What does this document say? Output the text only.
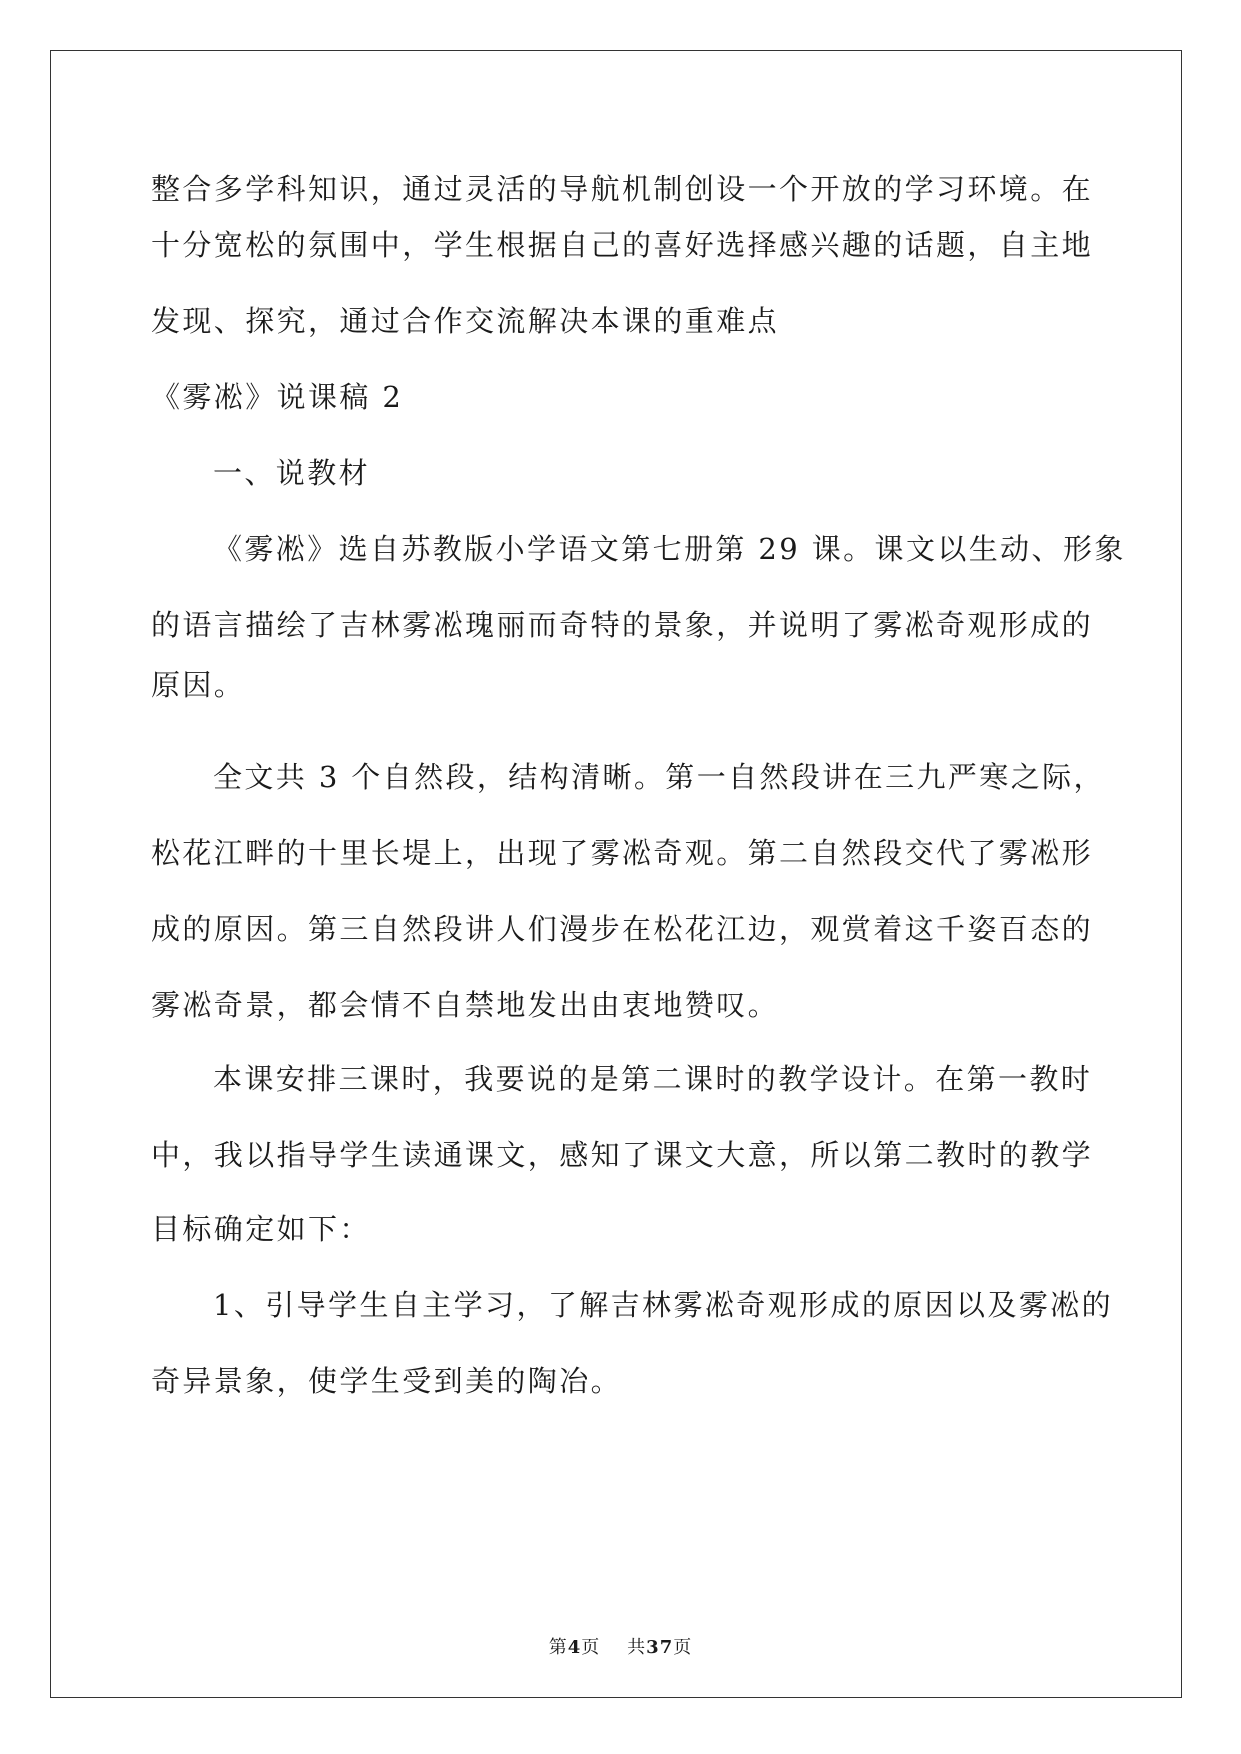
整合多学科知识，通过灵活的导航机制创设一个开放的学习环境。在
十分宽松的氛围中，学生根据自己的喜好选择感兴趣的话题，自主地
发现、探究，通过合作交流解决本课的重难点
《雾凇》说课稿 2
一、说教材
《雾凇》选自苏教版小学语文第七册第 29 课。课文以生动、形象
的语言描绘了吉林雾凇瑰丽而奇特的景象，并说明了雾凇奇观形成的
原因。
全文共 3 个自然段，结构清晰。第一自然段讲在三九严寒之际，
松花江畔的十里长堤上，出现了雾凇奇观。第二自然段交代了雾凇形
成的原因。第三自然段讲人们漫步在松花江边，观赏着这千姿百态的
雾凇奇景，都会情不自禁地发出由衷地赞叹。
本课安排三课时，我要说的是第二课时的教学设计。在第一教时
中，我以指导学生读通课文，感知了课文大意，所以第二教时的教学
目标确定如下：
1、引导学生自主学习，了解吉林雾凇奇观形成的原因以及雾凇的
奇异景象，使学生受到美的陶冶。
第4页 共37页
